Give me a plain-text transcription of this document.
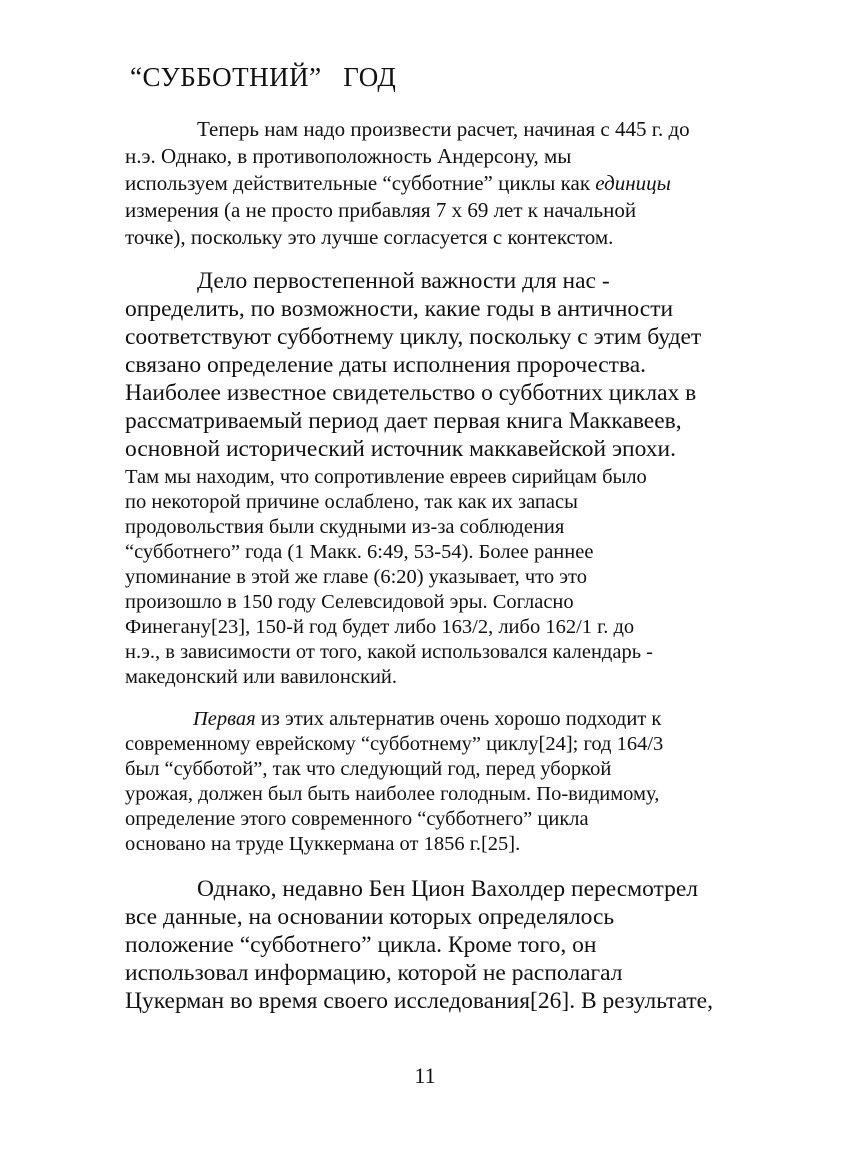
“СУББОТНИЙ”   ГОД
Теперь нам надо произвести расчет, начиная с 445 г. до
н.э. Однако, в противоположность Андерсону, мы
используем действительные “субботние” циклы как единицы
измерения (а не просто прибавляя 7 х 69 лет к начальной
точке), поскольку это лучше согласуется с контекстом.
Дело первостепенной важности для нас -
определить, по возможности, какие годы в античности
соответствуют субботнему циклу, поскольку с этим будет
связано определение даты исполнения пророчества.
Наиболее известное свидетельство о субботних циклах в
рассматриваемый период дает первая книга Маккавеев,
основной исторический источник маккавейской эпохи.
Там мы находим, что сопротивление евреев сирийцам было
по некоторой причине ослаблено, так как их запасы
продовольствия были скудными из-за соблюдения
“субботнего” года (1 Макк. 6:49, 53-54). Более раннее
упоминание в этой же главе (6:20) указывает, что это
произошло в 150 году Селевсидовой эры. Согласно
Финегану[23], 150-й год будет либо 163/2, либо 162/1 г. до
н.э., в зависимости от того, какой использовался календарь -
македонский или вавилонский.
Первая из этих альтернатив очень хорошо подходит к
современному еврейскому “субботнему” циклу[24]; год 164/3
был “субботой”, так что следующий год, перед уборкой
урожая, должен был быть наиболее голодным. По-видимому,
определение этого современного “субботнего” цикла
основано на труде Цуккермана от 1856 г.[25].
Однако, недавно Бен Цион Вахолдер пересмотрел
все данные, на основании которых определялось
положение “субботнего” цикла. Кроме того, он
использовал информацию, которой не располагал
Цукерман во время своего исследования[26]. В результате,
11
